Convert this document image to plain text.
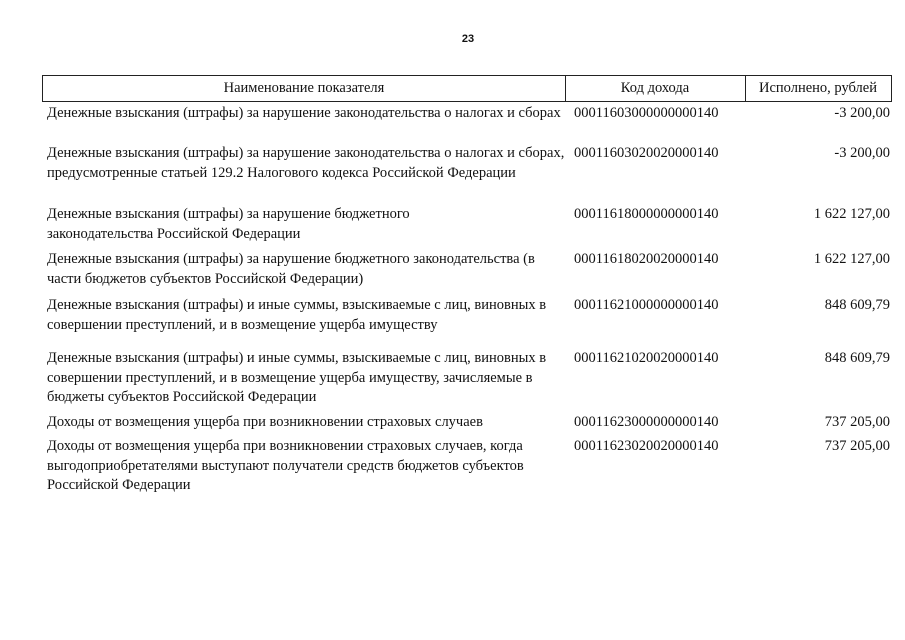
23
Наименование показателя	Код дохода	Исполнено, рублей
Денежные взыскания (штрафы) за нарушение законодательства о налогах и сборах 00011603000000000140	-3 200,00
Денежные взыскания (штрафы) за нарушение законодательства о налогах и сборах, предусмотренные статьей 129.2 Налогового кодекса Российской Федерации
00011603020020000140	-3 200,00
Денежные взыскания (штрафы) за нарушение бюджетного законодательства Российской Федерации
00011618000000000140	1 622 127,00
Денежные взыскания (штрафы) за нарушение бюджетного законодательства (в части бюджетов субъектов Российской Федерации)
00011618020020000140	1 622 127,00
Денежные взыскания (штрафы) и иные суммы, взыскиваемые с лиц, виновных в совершении преступлений, и в возмещение ущерба имуществу
00011621000000000140	848 609,79
Денежные взыскания (штрафы) и иные суммы, взыскиваемые с лиц, виновных в совершении преступлений, и в возмещение ущерба имуществу, зачисляемые в бюджеты субъектов Российской Федерации
00011621020020000140	848 609,79
Доходы от возмещения ущерба при возникновении страховых случаев	00011623000000000140	737 205,00
Доходы от возмещения ущерба при возникновении страховых случаев, когда выгодоприобретателями выступают получатели средств бюджетов субъектов Российской Федерации
00011623020020000140	737 205,00
